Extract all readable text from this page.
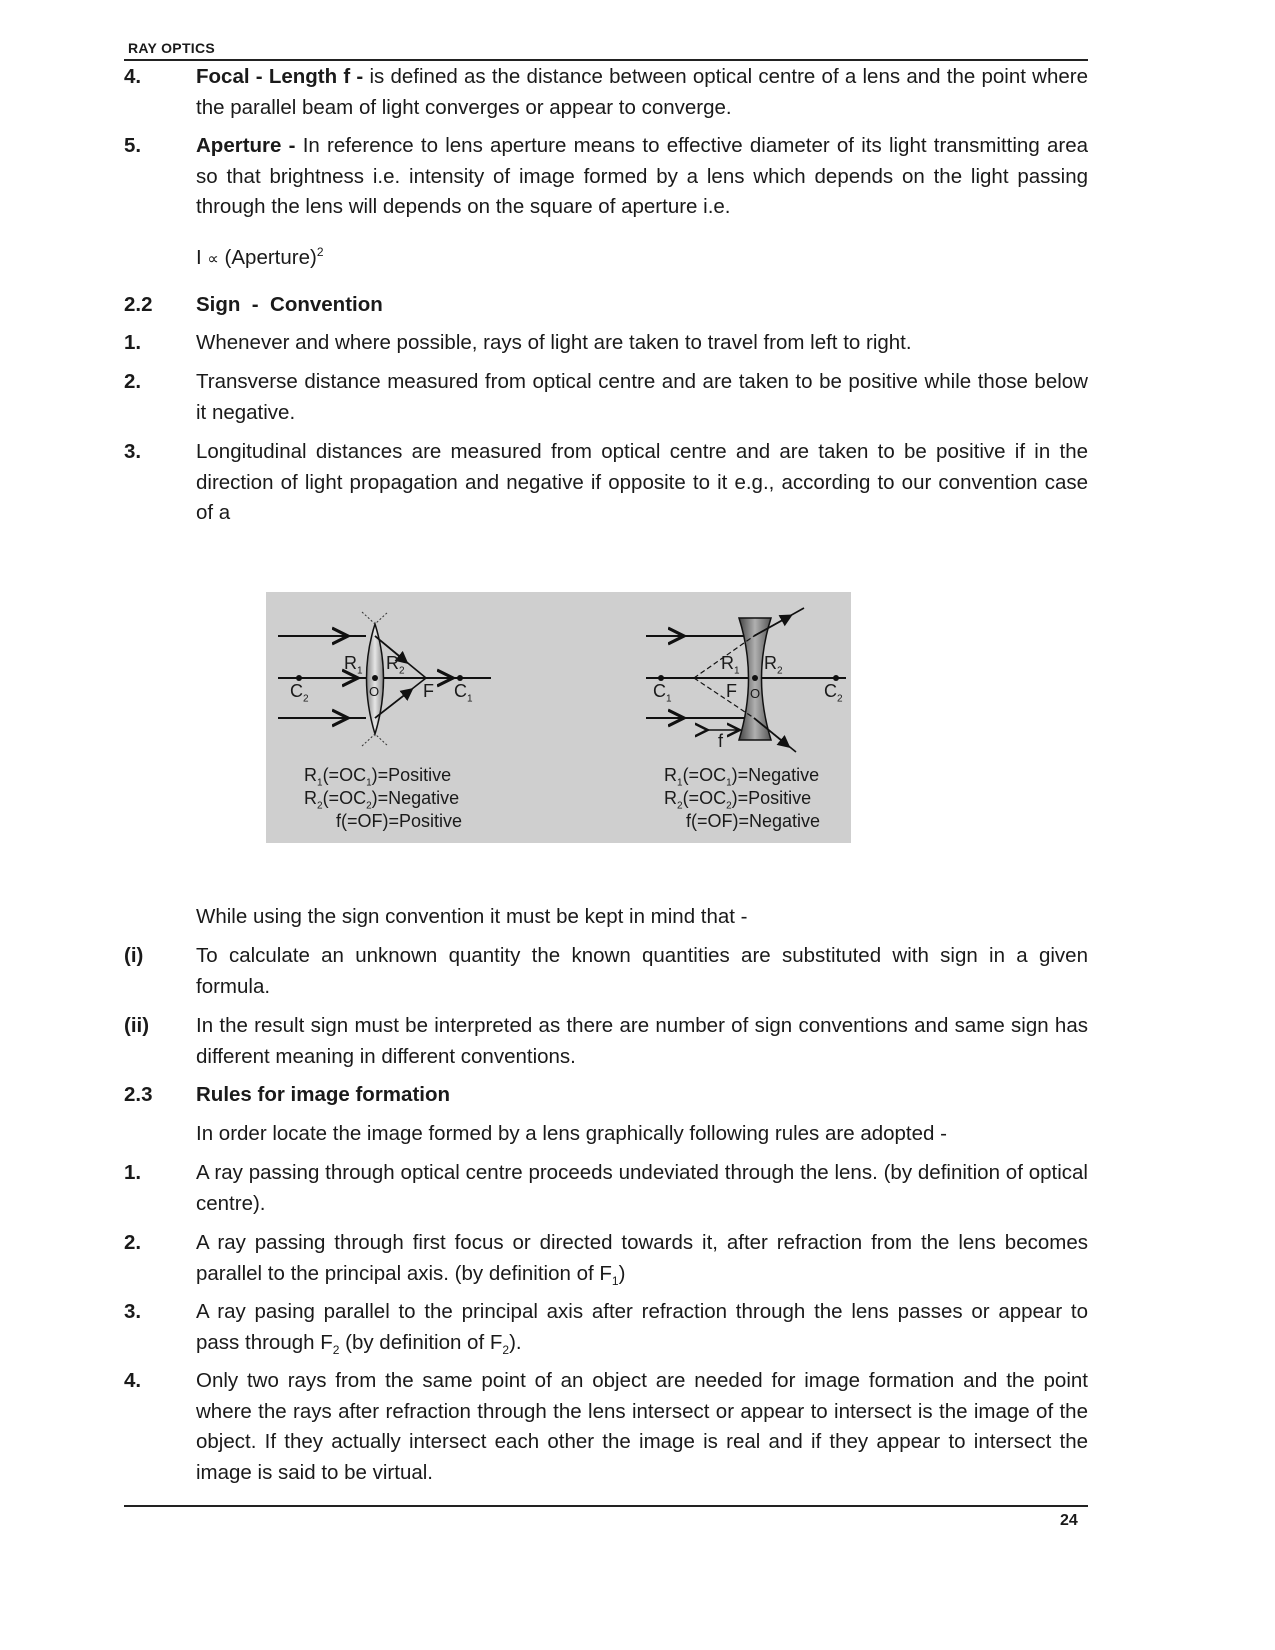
RAY OPTICS
4.	Focal - Length f - is defined as the distance between optical centre of a lens and the point where the parallel beam of light converges or appear to converge.
5.	Aperture - In reference to lens aperture means to effective diameter of its light transmitting area so that brightness i.e. intensity of image formed by a lens which depends on the light passing through the lens will depends on the square of aperture i.e.
I ∝ (Aperture)$^2$
2.2 Sign  -  Convention
1.	Whenever and where possible, rays of light are taken to travel from left to right.
2.	Transverse distance measured from optical centre and are taken to be positive while those below it negative.
3.	Longitudinal distances are measured from optical centre and are taken to be positive if in the direction of light propagation and negative if opposite to it e.g., according to our convention case of a
$R_1$ $R_2$
$C_2$
O F $C_1$
$R_1(=OC_1)=Positive$
$R_2(=OC_2)=Negative$
f(=OF)=Positive
$R_1$ $R_2$
$C_1$	F O	$C_2$
f
$R_1(=OC_1)=Negative$
$R_2(=OC_2)=Positive$
f(=OF)=Negative
While using the sign convention it must be kept in mind that -
(i)	To calculate an unknown quantity the known quantities are substituted with sign in a given formula.
(ii) In the result sign must be interpreted as there are number of sign conventions and same sign has different meaning in different conventions.
2.3 Rules for image formation
In order locate the image formed by a lens graphically following rules are adopted -
1.	A ray passing through optical centre proceeds undeviated through the lens. (by definition of optical centre).
2.	A ray passing through first focus or directed towards it, after refraction from the lens becomes parallel to the principal axis. (by definition of $F_1$)
3.	A ray pasing parallel to the principal axis after refraction through the lens passes or appear to pass through $F_2$ (by definition of $F_2$).
4.	Only two rays from the same point of an object are needed for image formation and the point where the rays after refraction through the lens intersect or appear to intersect is the image of the object. If they actually intersect each other the image is real and if they appear to intersect the image is said to be virtual.
24
